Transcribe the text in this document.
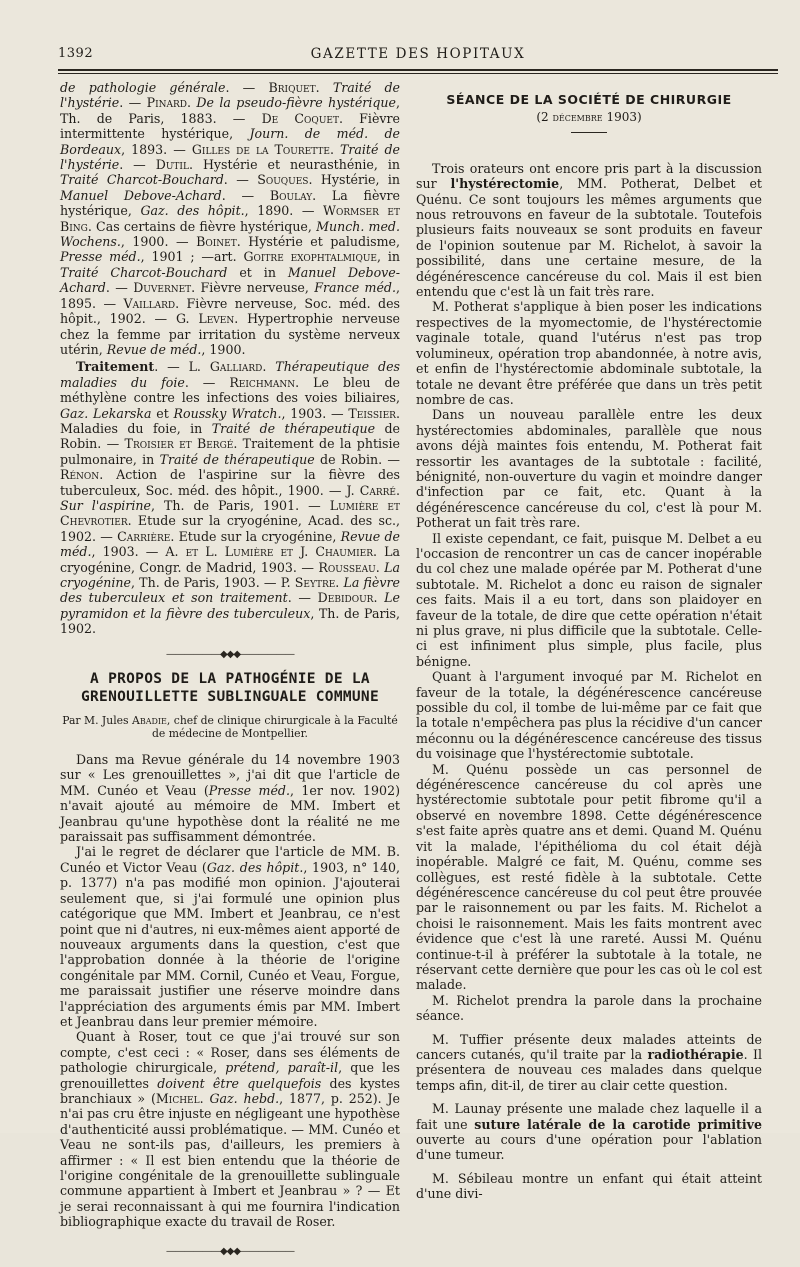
1392	GAZETTE DES HOPITAUX

de pathologie générale. — Briquet. Traité de l'hystérie. — Pinard. De la pseudo-fièvre hystérique, Th. de Paris, 1883. — De Coquet. Fièvre intermittente hystérique, Journ. de méd. de Bordeaux, 1893. — Gilles de la Tourette. Traité de l'hystérie. — Dutil. Hystérie et neurasthénie, in Traité Charcot-Bouchard. — Souques. Hystérie, in Manuel Debove-Achard. — Boulay. La fièvre hystérique, Gaz. des hôpit., 1890. — Wormser et Bing. Cas certains de fièvre hystérique, Munch. med. Wochens., 1900. — Boinet. Hystérie et paludisme, Presse méd., 1901 ; —art. Goitre exophtalmique, in Traité Charcot-Bouchard et in Manuel Debove-Achard. — Duvernet. Fièvre nerveuse, France méd., 1895. — Vaillard. Fièvre nerveuse, Soc. méd. des hôpit., 1902. — G. Leven. Hypertrophie nerveuse chez la femme par irritation du système nerveux utérin, Revue de méd., 1900.

Traitement. — L. Galliard. Thérapeutique des maladies du foie. — Reichmann. Le bleu de méthylène contre les infections des voies biliaires, Gaz. Lekarska et Rousskу Wratch., 1903. — Teissier. Maladies du foie, in Traité de thérapeutique de Robin. — Troisier et Bergé. Traitement de la phtisie pulmonaire, in Traité de thérapeutique de Robin. — Rénon. Action de l'aspirine sur la fièvre des tuberculeux, Soc. méd. des hôpit., 1900. — J. Carré. Sur l'aspirine, Th. de Paris, 1901. — Lumière et Chevrotier. Etude sur la cryogénine, Acad. des sc., 1902. — Carrière. Etude sur la cryogénine, Revue de méd., 1903. — A. et L. Lumière et J. Chaumier. La cryogénine, Congr. de Madrid, 1903. — Rousseau. La cryogénine, Th. de Paris, 1903. — P. Seytre. La fièvre des tuberculeux et son traitement. — Debidour. Le pyramidon et la fièvre des tuberculeux, Th. de Paris, 1902.

——————◆◆◆——————
A PROPOS DE LA PATHOGÉNIE DE LA GRENOUILLETTE SUBLINGUALE COMMUNE
Par M. Jules Abadie, chef de clinique chirurgicale à la Faculté de médecine de Montpellier.

Dans ma Revue générale du 14 novembre 1903 sur « Les grenouillettes », j'ai dit que l'article de MM. Cunéo et Veau (Presse méd., 1er nov. 1902) n'avait ajouté au mémoire de MM. Imbert et Jeanbrau qu'une hypothèse dont la réalité ne me paraissait pas suffisamment démontrée.

J'ai le regret de déclarer que l'article de MM. B. Cunéo et Victor Veau (Gaz. des hôpit., 1903, n° 140, p. 1377) n'a pas modifié mon opinion. J'ajouterai seulement que, si j'ai formulé une opinion plus catégorique que MM. Imbert et Jeanbrau, ce n'est point que ni d'autres, ni eux-mêmes aient apporté de nouveaux arguments dans la question, c'est que l'approbation donnée à la théorie de l'origine congénitale par MM. Cornil, Cunéo et Veau, Forgue, me paraissait justifier une réserve moindre dans l'appréciation des arguments émis par MM. Imbert et Jeanbrau dans leur premier mémoire.

Quant à Roser, tout ce que j'ai trouvé sur son compte, c'est ceci : « Roser, dans ses éléments de pathologie chirurgicale, prétend, paraît-il, que les grenouillettes doivent être quelquefois des kystes branchiaux » (Michel. Gaz. hebd., 1877, p. 252). Je n'ai pas cru être injuste en négligeant une hypothèse d'authenticité aussi problématique. — MM. Cunéo et Veau ne sont-ils pas, d'ailleurs, les premiers à affirmer : « Il est bien entendu que la théorie de l'origine congénitale de la grenouillette sublinguale commune appartient à Imbert et Jeanbrau » ? — Et je serai reconnaissant à qui me fournira l'indication bibliographique exacte du travail de Roser.

——————◆◆◆——————
SÉANCE DE LA SOCIÉTÉ DE CHIRURGIE
(2 décembre 1903)

Trois orateurs ont encore pris part à la discussion sur l'hystérectomie, MM. Potherat, Delbet et Quénu. Ce sont toujours les mêmes arguments que nous retrouvons en faveur de la subtotale. Toutefois plusieurs faits nouveaux se sont produits en faveur de l'opinion soutenue par M. Richelot, à savoir la possibilité, dans une certaine mesure, de la dégénérescence cancéreuse du col. Mais il est bien entendu que c'est là un fait très rare.

M. Potherat s'applique à bien poser les indications respectives de la myomectomie, de l'hystérectomie vaginale totale, quand l'utérus n'est pas trop volumineux, opération trop abandonnée, à notre avis, et enfin de l'hystérectomie abdominale subtotale, la totale ne devant être préférée que dans un très petit nombre de cas.

Dans un nouveau parallèle entre les deux hystérectomies abdominales, parallèle que nous avons déjà maintes fois entendu, M. Potherat fait ressortir les avantages de la subtotale : facilité, bénignité, non-ouverture du vagin et moindre danger d'infection par ce fait, etc. Quant à la dégénérescence cancéreuse du col, c'est là pour M. Potherat un fait très rare.

Il existe cependant, ce fait, puisque M. Delbet a eu l'occasion de rencontrer un cas de cancer inopérable du col chez une malade opérée par M. Potherat d'une subtotale. M. Richelot a donc eu raison de signaler ces faits. Mais il a eu tort, dans son plaidoyer en faveur de la totale, de dire que cette opération n'était ni plus grave, ni plus difficile que la subtotale. Celle-ci est infiniment plus simple, plus facile, plus bénigne.

Quant à l'argument invoqué par M. Richelot en faveur de la totale, la dégénérescence cancéreuse possible du col, il tombe de lui-même par ce fait que la totale n'empêchera pas plus la récidive d'un cancer méconnu ou la dégénérescence cancéreuse des tissus du voisinage que l'hystérectomie subtotale.

M. Quénu possède un cas personnel de dégénérescence cancéreuse du col après une hystérectomie subtotale pour petit fibrome qu'il a observé en novembre 1898. Cette dégénérescence s'est faite après quatre ans et demi. Quand M. Quénu vit la malade, l'épithélioma du col était déjà inopérable. Malgré ce fait, M. Quénu, comme ses collègues, est resté fidèle à la subtotale. Cette dégénérescence cancéreuse du col peut être prouvée par le raisonnement ou par les faits. M. Richelot a choisi le raisonnement. Mais les faits montrent avec évidence que c'est là une rareté. Aussi M. Quénu continue-t-il à préférer la subtotale à la totale, ne réservant cette dernière que pour les cas où le col est malade.

M. Richelot prendra la parole dans la prochaine séance.

M. Tuffier présente deux malades atteints de cancers cutanés, qu'il traite par la radiothérapie. Il présentera de nouveau ces malades dans quelque temps afin, dit-il, de tirer au clair cette question.

M. Launay présente une malade chez laquelle il a fait une suture latérale de la carotide primitive ouverte au cours d'une opération pour l'ablation d'une tumeur.

M. Sébileau montre un enfant qui était atteint d'une divi-
